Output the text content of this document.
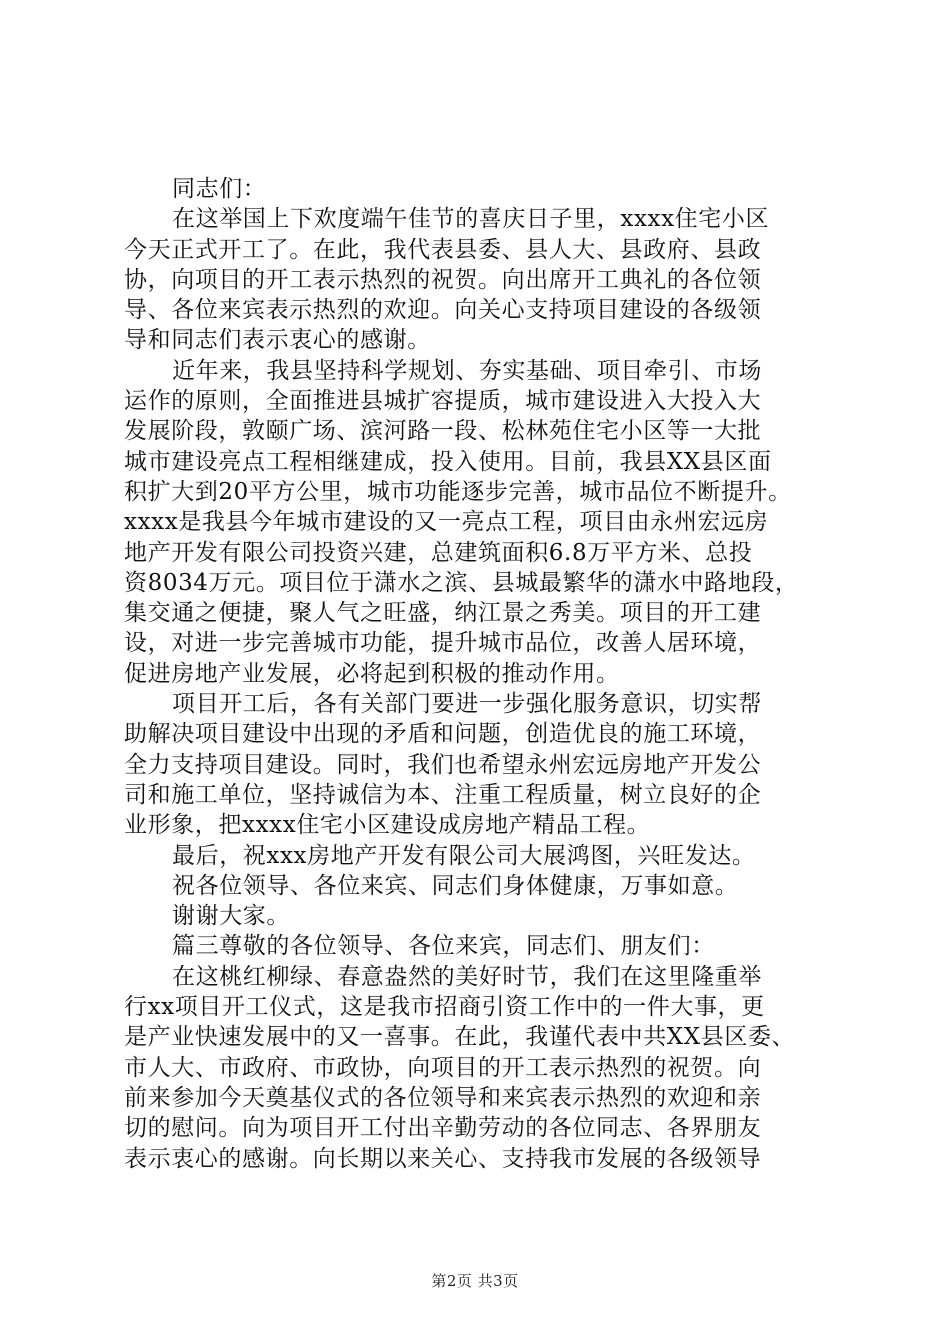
同志们：
在这举国上下欢度端午佳节的喜庆日子里，xxxx住宅小区
今天正式开工了。在此，我代表县委、县人大、县政府、县政
协，向项目的开工表示热烈的祝贺。向出席开工典礼的各位领
导、各位来宾表示热烈的欢迎。向关心支持项目建设的各级领
导和同志们表示衷心的感谢。
近年来，我县坚持科学规划、夯实基础、项目牵引、市场
运作的原则，全面推进县城扩容提质，城市建设进入大投入大
发展阶段，敦颐广场、滨河路一段、松林苑住宅小区等一大批
城市建设亮点工程相继建成，投入使用。目前，我县XX县区面
积扩大到20平方公里，城市功能逐步完善，城市品位不断提升。
xxxx是我县今年城市建设的又一亮点工程，项目由永州宏远房
地产开发有限公司投资兴建，总建筑面积6.8万平方米、总投
资8034万元。项目位于潇水之滨、县城最繁华的潇水中路地段，
集交通之便捷，聚人气之旺盛，纳江景之秀美。项目的开工建
设，对进一步完善城市功能，提升城市品位，改善人居环境，
促进房地产业发展，必将起到积极的推动作用。
项目开工后，各有关部门要进一步强化服务意识，切实帮
助解决项目建设中出现的矛盾和问题，创造优良的施工环境，
全力支持项目建设。同时，我们也希望永州宏远房地产开发公
司和施工单位，坚持诚信为本、注重工程质量，树立良好的企
业形象，把xxxx住宅小区建设成房地产精品工程。
最后，祝xxx房地产开发有限公司大展鸿图，兴旺发达。
祝各位领导、各位来宾、同志们身体健康，万事如意。
谢谢大家。
篇三尊敬的各位领导、各位来宾，同志们、朋友们：
在这桃红柳绿、春意盎然的美好时节，我们在这里隆重举
行xx项目开工仪式，这是我市招商引资工作中的一件大事，更
是产业快速发展中的又一喜事。在此，我谨代表中共XX县区委、
市人大、市政府、市政协，向项目的开工表示热烈的祝贺。向
前来参加今天奠基仪式的各位领导和来宾表示热烈的欢迎和亲
切的慰问。向为项目开工付出辛勤劳动的各位同志、各界朋友
表示衷心的感谢。向长期以来关心、支持我市发展的各级领导
第2页 共3页
